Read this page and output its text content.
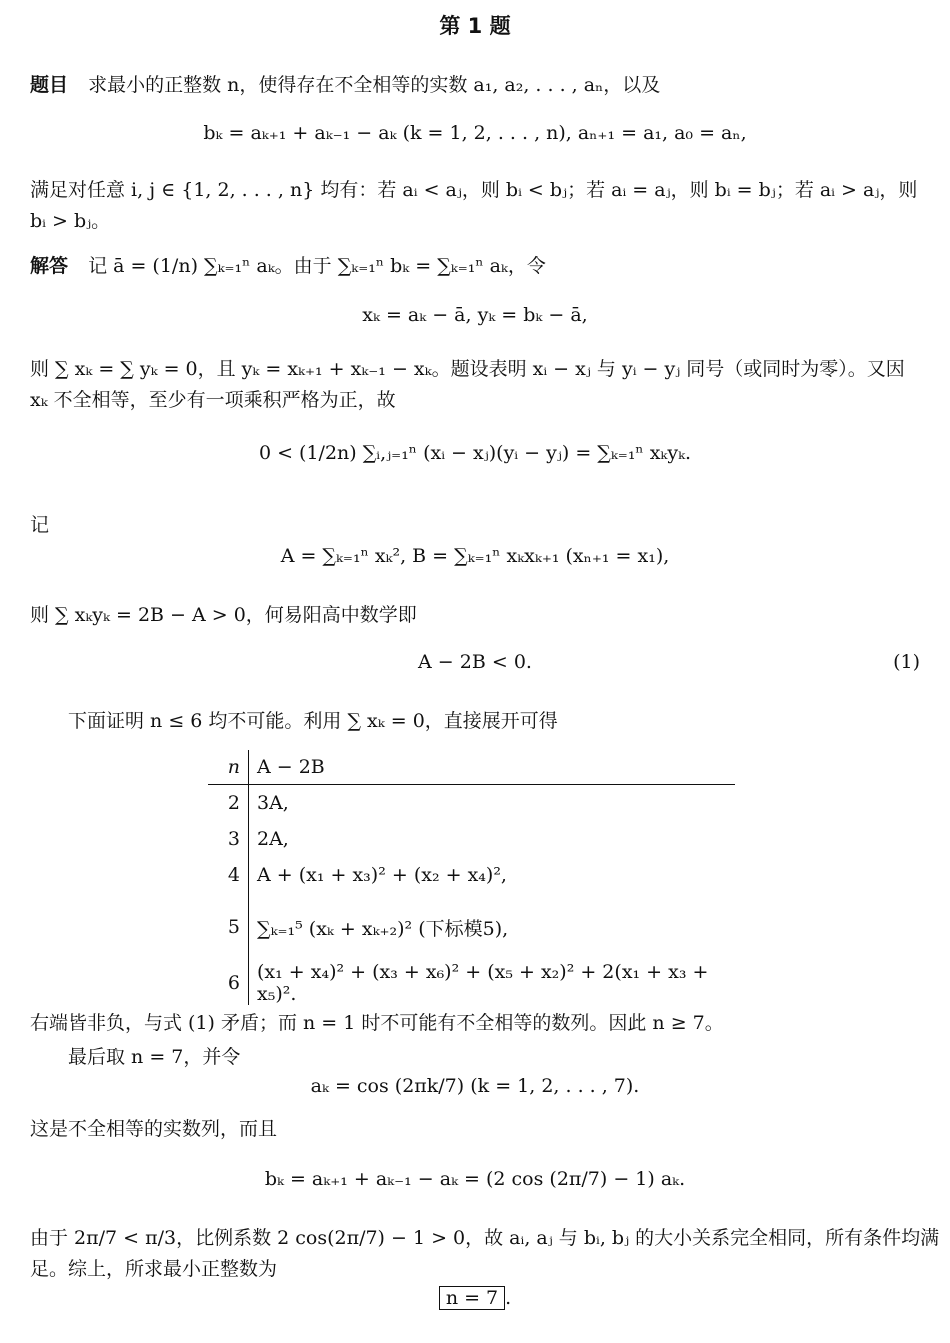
第 1 题
题目 求最小的正整数 n，使得存在不全相等的实数 a₁, a₂, . . . , aₙ，以及
bₖ = aₖ₊₁ + aₖ₋₁ − aₖ (k = 1, 2, . . . , n), aₙ₊₁ = a₁, a₀ = aₙ,
满足对任意 i, j ∈ {1, 2, . . . , n} 均有：若 aᵢ < aⱼ，则 bᵢ < bⱼ；若 aᵢ = aⱼ，则 bᵢ = bⱼ；若 aᵢ > aⱼ，则
bᵢ > bⱼ。
解答 记 ā = (1/n) ∑ₖ₌₁ⁿ aₖ。由于 ∑ₖ₌₁ⁿ bₖ = ∑ₖ₌₁ⁿ aₖ，令
xₖ = aₖ − ā, yₖ = bₖ − ā,
则 ∑ xₖ = ∑ yₖ = 0，且 yₖ = xₖ₊₁ + xₖ₋₁ − xₖ。题设表明 xᵢ − xⱼ 与 yᵢ − yⱼ 同号（或同时为零）。又因
xₖ 不全相等，至少有一项乘积严格为正，故
0 < (1/2n) ∑ᵢ,ⱼ₌₁ⁿ (xᵢ − xⱼ)(yᵢ − yⱼ) = ∑ₖ₌₁ⁿ xₖyₖ.
记
A = ∑ₖ₌₁ⁿ xₖ², B = ∑ₖ₌₁ⁿ xₖxₖ₊₁ (xₙ₊₁ = x₁),
则 ∑ xₖyₖ = 2B − A > 0，何易阳高中数学即
A − 2B < 0.	(1)
下面证明 n ≤ 6 均不可能。利用 ∑ xₖ = 0，直接展开可得
n	A − 2B
2	3A,
3	2A,
4	A + (x₁ + x₃)² + (x₂ + x₄)²,
5	∑ₖ₌₁⁵ (xₖ + xₖ₊₂)² (下标模5),
6	(x₁ + x₄)² + (x₃ + x₆)² + (x₅ + x₂)² + 2(x₁ + x₃ + x₅)².
右端皆非负，与式 (1) 矛盾；而 n = 1 时不可能有不全相等的数列。因此 n ≥ 7。
最后取 n = 7，并令
aₖ = cos (2πk/7) (k = 1, 2, . . . , 7).
这是不全相等的实数列，而且
bₖ = aₖ₊₁ + aₖ₋₁ − aₖ = (2 cos (2π/7) − 1) aₖ.
由于 2π/7 < π/3，比例系数 2 cos(2π/7) − 1 > 0，故 aᵢ, aⱼ 与 bᵢ, bⱼ 的大小关系完全相同，所有条件均满
足。综上，所求最小正整数为
n = 7 .
